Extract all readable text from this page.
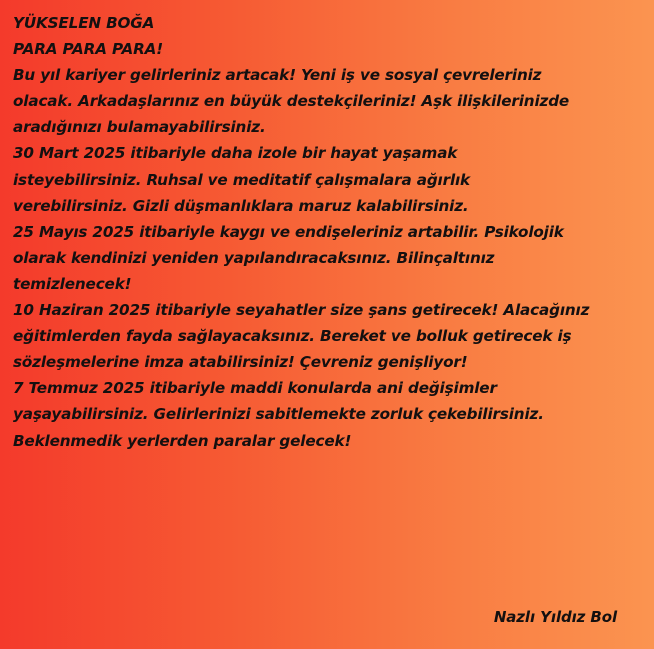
YÜKSELEN BOĞA
PARA PARA PARA!
Bu yıl kariyer gelirleriniz artacak! Yeni iş ve sosyal çevreleriniz
olacak. Arkadaşlarınız en büyük destekçileriniz! Aşk ilişkilerinizde
aradığınızı bulamayabilirsiniz.
30 Mart 2025 itibariyle daha izole bir hayat yaşamak
isteyebilirsiniz. Ruhsal ve meditatif çalışmalara ağırlık
verebilirsiniz. Gizli düşmanlıklara maruz kalabilirsiniz.
25 Mayıs 2025 itibariyle kaygı ve endişeleriniz artabilir. Psikolojik
olarak kendinizi yeniden yapılandıracaksınız. Bilinçaltınız
temizlenecek!
10 Haziran 2025 itibariyle seyahatler size şans getirecek! Alacağınız
eğitimlerden fayda sağlayacaksınız. Bereket ve bolluk getirecek iş
sözleşmelerine imza atabilirsiniz! Çevreniz genişliyor!
7 Temmuz 2025 itibariyle maddi konularda ani değişimler
yaşayabilirsiniz. Gelirlerinizi sabitlemekte zorluk çekebilirsiniz.
Beklenmedik yerlerden paralar gelecek!
Nazlı Yıldız Bol
